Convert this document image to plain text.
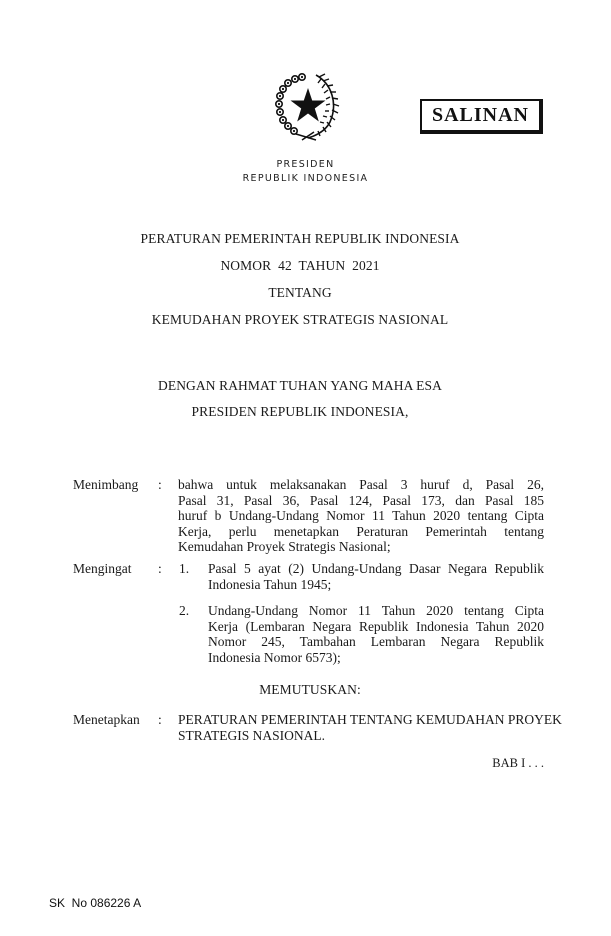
SALINAN
PRESIDEN
REPUBLIK INDONESIA
PERATURAN PEMERINTAH REPUBLIK INDONESIA
NOMOR  42  TAHUN  2021
TENTANG
KEMUDAHAN PROYEK STRATEGIS NASIONAL
DENGAN RAHMAT TUHAN YANG MAHA ESA
PRESIDEN REPUBLIK INDONESIA,
Menimbang : bahwa untuk melaksanakan Pasal 3 huruf d, Pasal 26,
Pasal 31, Pasal 36, Pasal 124, Pasal 173, dan Pasal 185
huruf b Undang-Undang Nomor 11 Tahun 2020 tentang Cipta
Kerja, perlu menetapkan Peraturan Pemerintah tentang
Kemudahan Proyek Strategis Nasional;
Mengingat : 1. Pasal 5 ayat (2) Undang-Undang Dasar Negara Republik
Indonesia Tahun 1945;
2. Undang-Undang Nomor 11 Tahun 2020 tentang Cipta
Kerja (Lembaran Negara Republik Indonesia Tahun 2020
Nomor 245, Tambahan Lembaran Negara Republik
Indonesia Nomor 6573);
MEMUTUSKAN:
Menetapkan : PERATURAN PEMERINTAH TENTANG KEMUDAHAN PROYEK
STRATEGIS NASIONAL.
BAB I . . .
SK  No 086226 A
